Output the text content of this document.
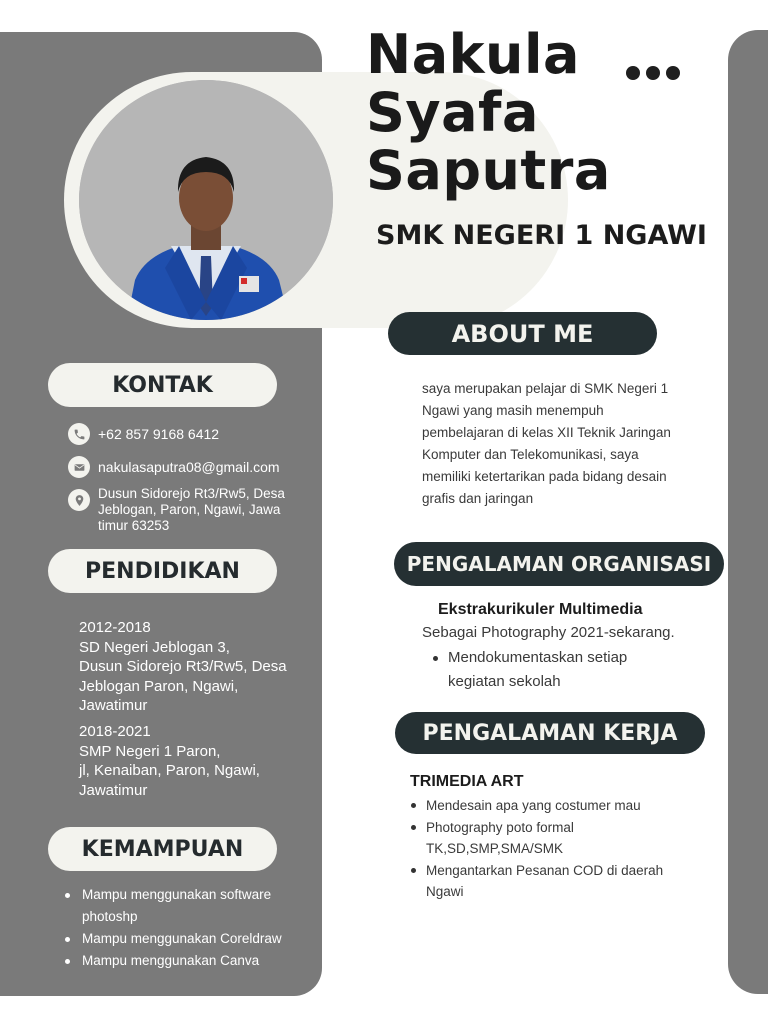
Nakula
Syafa
Saputra
SMK NEGERI 1 NGAWI
KONTAK
+62 857 9168 6412
nakulasaputra08@gmail.com
Dusun Sidorejo Rt3/Rw5, Desa
Jeblogan, Paron, Ngawi, Jawa
timur 63253
PENDIDIKAN

2012-2018

SD Negeri Jeblogan 3,

Dusun Sidorejo Rt3/Rw5, Desa

Jeblogan Paron, Ngawi,

Jawatimur

2018-2021

SMP Negeri 1 Paron,

jl, Kenaiban, Paron, Ngawi,

Jawatimur

KEMAMPUAN
Mampu menggunakan software photoshp
Mampu menggunakan Coreldraw
Mampu menggunakan Canva
ABOUT ME

saya merupakan pelajar di SMK Negeri 1
Ngawi yang masih menempuh
pembelajaran di kelas XII Teknik Jaringan
Komputer dan Telekomunikasi, saya
memiliki ketertarikan pada bidang desain
grafis dan jaringan

PENGALAMAN ORGANISASI
Ekstrakurikuler Multimedia
Sebagai Photography 2021-sekarang.
Mendokumentaskan setiap
kegiatan sekolah
PENGALAMAN KERJA
TRIMEDIA ART
Mendesain apa yang costumer mau
Photography poto formal
TK,SD,SMP,SMA/SMK
Mengantarkan Pesanan COD di daerah
Ngawi
